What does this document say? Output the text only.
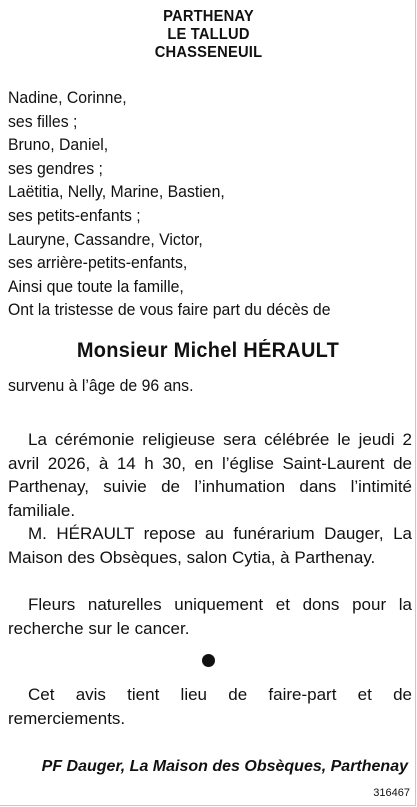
PARTHENAY
LE TALLUD
CHASSENEUIL
Nadine, Corinne,
ses filles ;
Bruno, Daniel,
ses gendres ;
Laëtitia, Nelly, Marine, Bastien,
ses petits-enfants ;
Lauryne, Cassandre, Victor,
ses arrière-petits-enfants,
Ainsi que toute la famille,
Ont la tristesse de vous faire part du décès de
Monsieur Michel HÉRAULT
survenu à l’âge de 96 ans.
La cérémonie religieuse sera célébrée le jeudi 2 avril 2026, à 14 h 30, en l’église Saint-Laurent de Parthenay, suivie de l’inhumation dans l’intimité familiale.
M. HÉRAULT repose au funérarium Dauger, La Maison des Obsèques, salon Cytia, à Parthenay.
Fleurs naturelles uniquement et dons pour la recherche sur le cancer.
Cet avis tient lieu de faire-part et de remerciements.
PF Dauger, La Maison des Obsèques, Parthenay
316467
